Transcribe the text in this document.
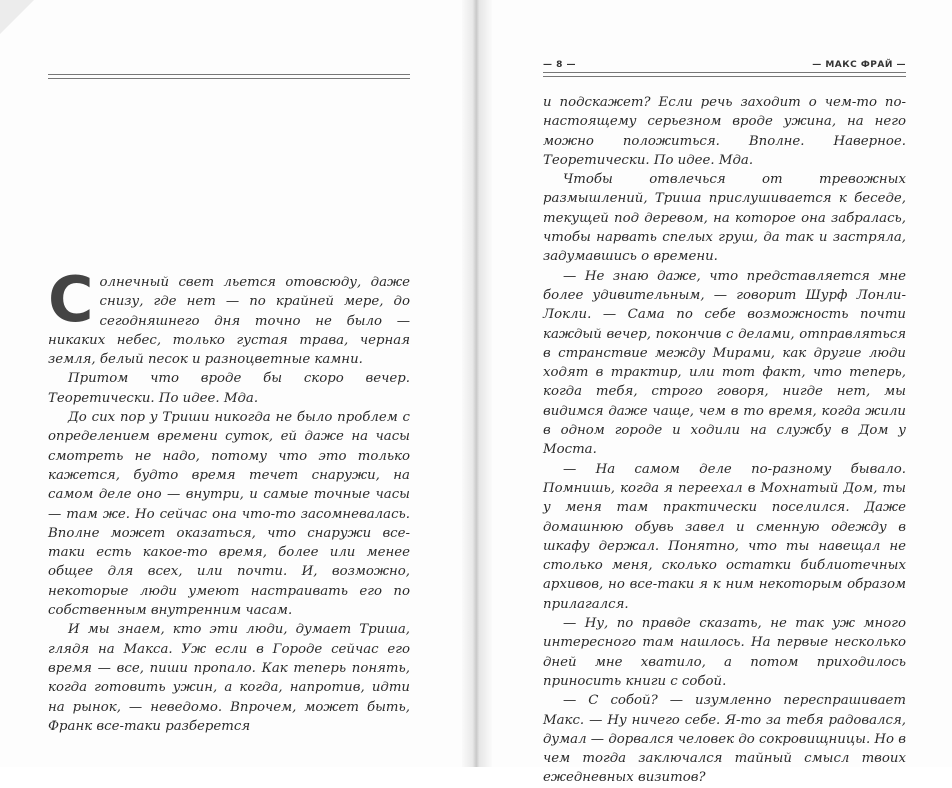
— 8 —	— МАКС ФРАЙ —

Солнечный свет льется отовсюду, даже снизу, где нет — по крайней мере, до сегодняшнего дня точно не было — никаких небес, только густая трава, черная земля, белый песок и разноцветные камни.

Притом что вроде бы скоро вечер. Теоретически. По идее. Мда.

До сих пор у Триши никогда не было проблем с определением времени суток, ей даже на часы смотреть не надо, потому что это только кажется, будто время течет снаружи, на самом деле оно — внутри, и самые точные часы — там же. Но сейчас она что-то засомневалась. Вполне может оказаться, что снаружи все-таки есть какое-то время, более или менее общее для всех, или почти. И, возможно, некоторые люди умеют настраивать его по собственным внутренним часам.

И мы знаем, кто эти люди, думает Триша, глядя на Макса. Уж если в Городе сейчас его время — все, пиши пропало. Как теперь понять, когда готовить ужин, а когда, напротив, идти на рынок, — неведомо. Впрочем, может быть, Франк все-таки разберется

и подскажет? Если речь заходит о чем-то по-настоящему серьезном вроде ужина, на него можно положиться. Вполне. Наверное. Теоретически. По идее. Мда.

Чтобы отвлечься от тревожных размышлений, Триша прислушивается к беседе, текущей под деревом, на которое она забралась, чтобы нарвать спелых груш, да так и застряла, задумавшись о времени.

— Не знаю даже, что представляется мне более удивительным, — говорит Шурф Лонли-Локли. — Сама по себе возможность почти каждый вечер, покончив с делами, отправляться в странствие между Мирами, как другие люди ходят в трактир, или тот факт, что теперь, когда тебя, строго говоря, нигде нет, мы видимся даже чаще, чем в то время, когда жили в одном городе и ходили на службу в Дом у Моста.

— На самом деле по-разному бывало. Помнишь, когда я переехал в Мохнатый Дом, ты у меня там практически поселился. Даже домашнюю обувь завел и сменную одежду в шкафу держал. Понятно, что ты навещал не столько меня, сколько остатки библиотечных архивов, но все-таки я к ним некоторым образом прилагался.

— Ну, по правде сказать, не так уж много интересного там нашлось. На первые несколько дней мне хватило, а потом приходилось приносить книги с собой.

— С собой? — изумленно переспрашивает Макс. — Ну ничего себе. Я-то за тебя радовался, думал — дорвался человек до сокровищницы. Но в чем тогда заключался тайный смысл твоих ежедневных визитов?
